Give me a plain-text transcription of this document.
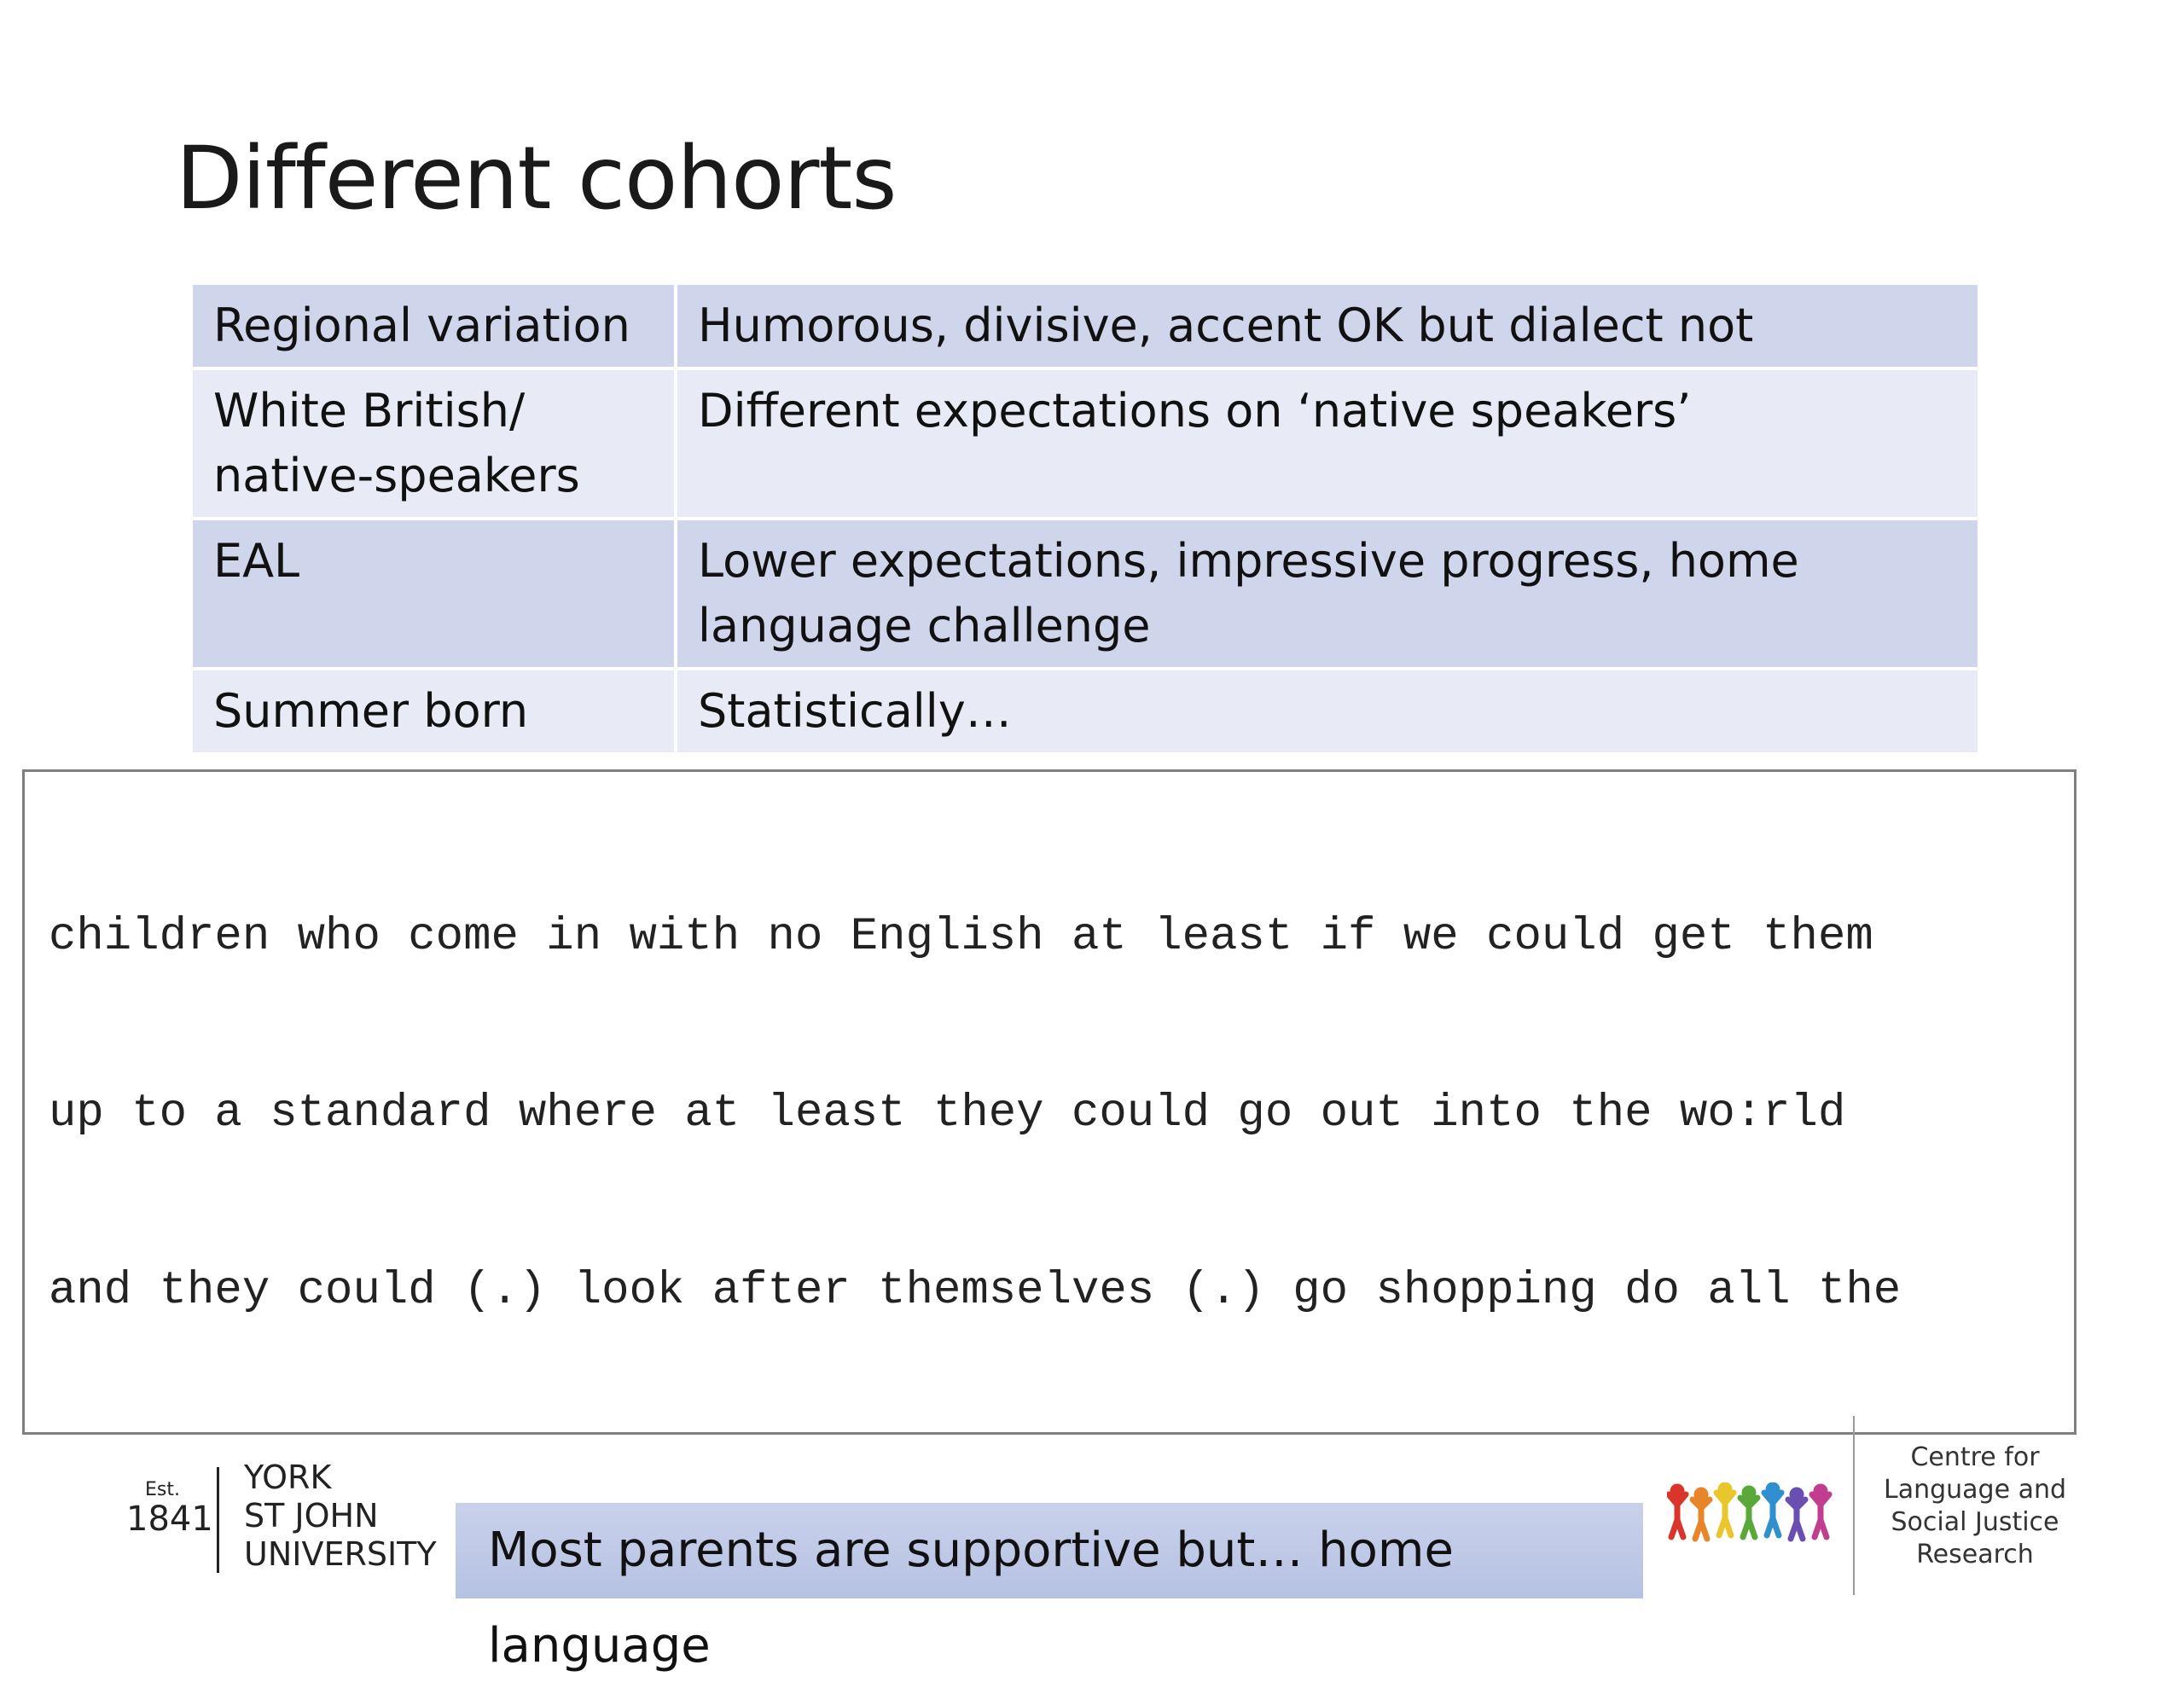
Different cohorts
Regional variation	Humorous, divisive, accent OK but dialect not
White British/
native-speakers	Different expectations on ‘native speakers’
EAL	Lower expectations, impressive progress, home
language challenge
Summer born	Statistically…

children who come in with no English at least if we could get them

up to a standard where at least they could go out into the wo:rld

and they could (.) look after themselves (.) go shopping do all the

Est.
1841
YORK
ST JOHN
UNIVERSITY	Most parents are supportive but… home language
Centre for
Language and
Social Justice
Research
